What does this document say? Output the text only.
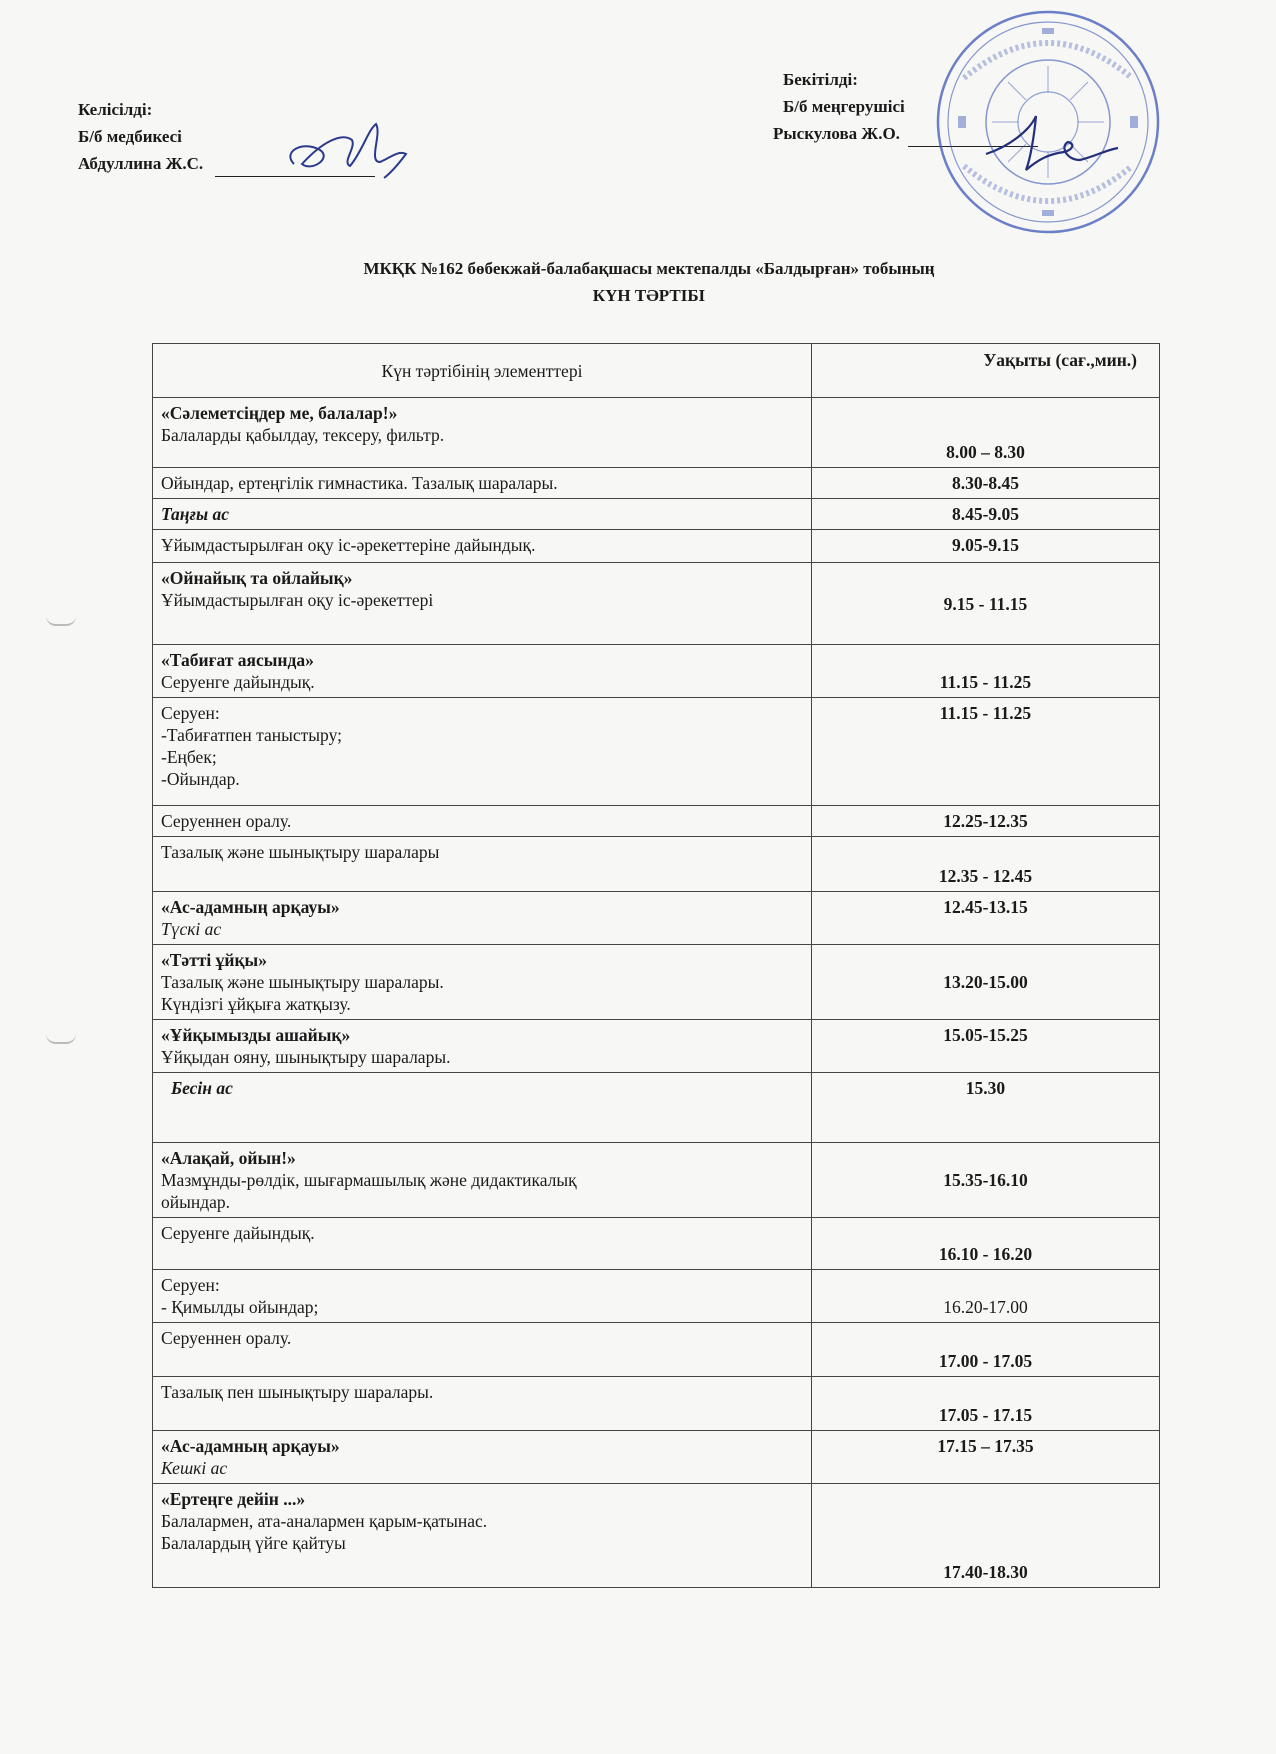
Келісілді:
Б/б медбикесі
Абдуллина Ж.С.
Бекітілді:
Б/б меңгерушісі
Рыскулова Ж.О.
МКҚК №162 бөбекжай-балабақшасы мектепалды «Балдырған» тобының
КҮН ТӘРТІБІ
Күн тәртібінің элементтері	Уақыты (сағ.,мин.)

«Сәлеметсіңдер ме, балалар!»
Балаларды қабылдау, тексеру, фильтр.	8.00 – 8.30

Ойындар, ертеңгілік гимнастика. Тазалық шаралары.	8.30-8.45

Таңғы ас	8.45-9.05

Ұйымдастырылған оқу іс-әрекеттеріне дайындық.	9.05-9.15

«Ойнайық та ойлайық»
Ұйымдастырылған оқу іс-әрекеттері	9.15 - 11.15

«Табиғат аясында»
Серуенге дайындық.	11.15 - 11.25

Серуен:
-Табиғатпен таныстыру;
-Еңбек;
-Ойындар.	11.15 - 11.25

Серуеннен оралу.	12.25-12.35

Тазалық және шынықтыру шаралары	12.35 - 12.45

«Ас-адамның арқауы»
Түскі ас	12.45-13.15

«Тәтті ұйқы»
Тазалық және шынықтыру шаралары.
Күндізгі ұйқыға жатқызу.	13.20-15.00

«Ұйқымызды ашайық»
Ұйқыдан ояну, шынықтыру шаралары.	15.05-15.25

Бесін ас	15.30

«Алақай, ойын!»
Мазмұнды-рөлдік, шығармашылық және дидактикалық
ойындар.	15.35-16.10

Серуенге дайындық.	16.10 - 16.20

Серуен:
- Қимылды ойындар;	16.20-17.00

Серуеннен оралу.	17.00 - 17.05

Тазалық пен шынықтыру шаралары.	17.05 - 17.15

«Ас-адамның арқауы»
Кешкі ас	17.15 – 17.35

«Ертеңге дейін ...»
Балалармен, ата-аналармен қарым-қатынас.
Балалардың үйге қайтуы	17.40-18.30
